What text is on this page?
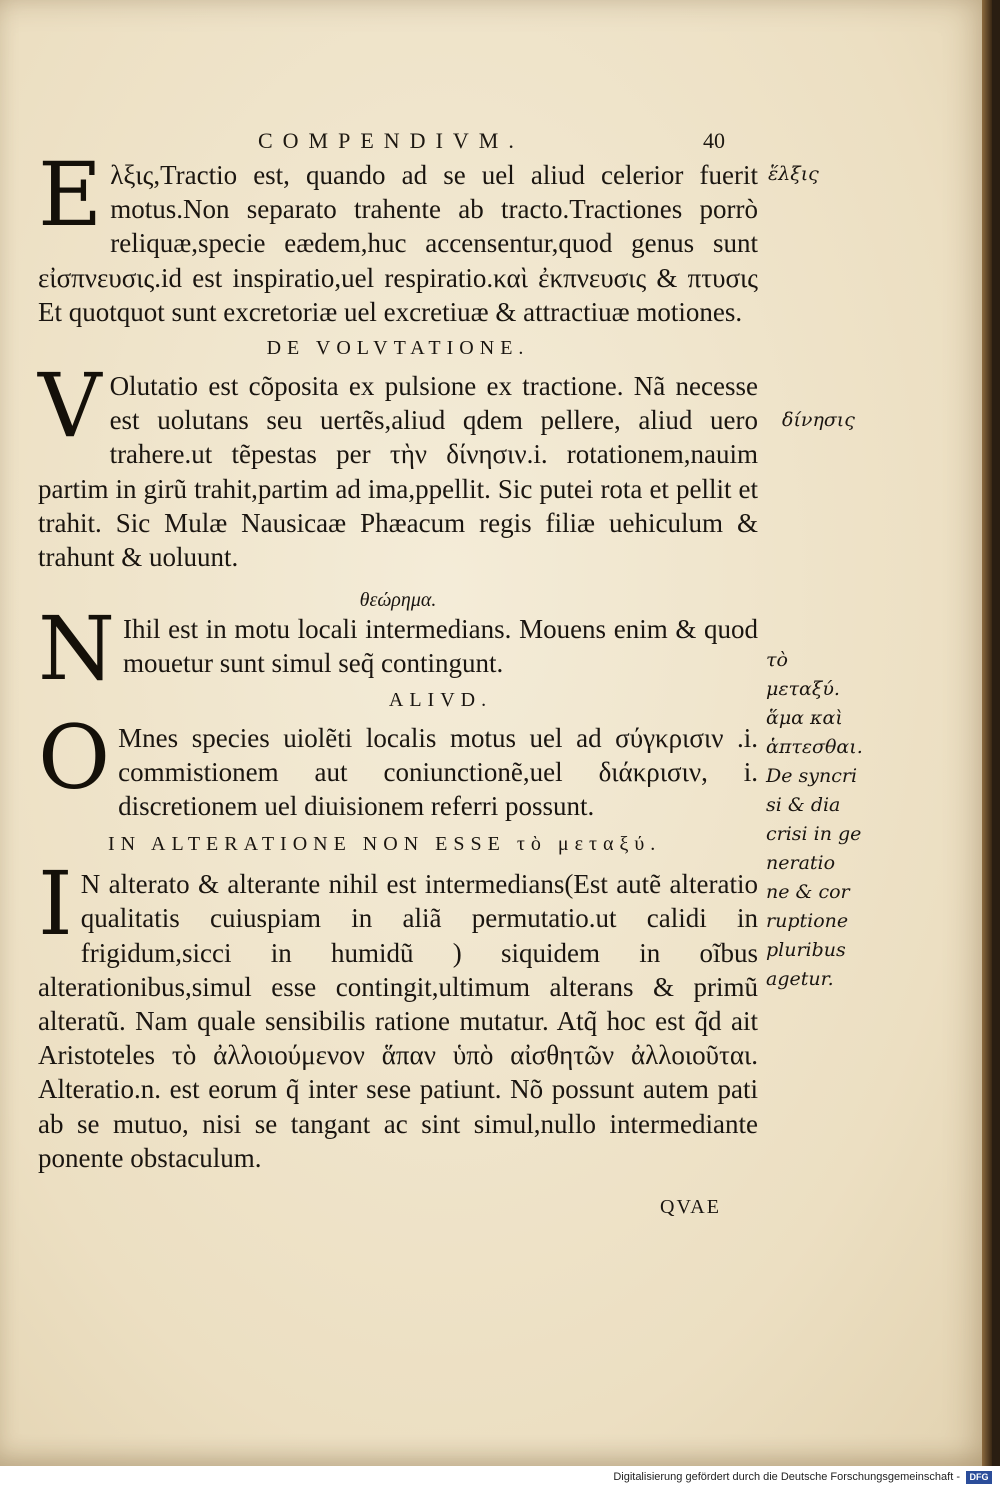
COMPENDIVM.	40

Eλξις,Tractio est, quando ad se uel aliud celerior fuerit motus.Non separato trahente ab tracto.Tractiones porrò reliquæ,specie eædem,huc accensentur,quod genus sunt εἰσπνευσις.id est inspiratio,uel respiratio.καὶ ἐκπνευσις & πτυσις Et quotquot sunt excretoriæ uel excretiuæ & attractiuæ motiones.

DE VOLVTATIONE.

V Olutatio est cõposita ex pulsione ex tractione. Nã necesse est uolutans seu uertẽs,aliud qdem pellere, aliud uero trahere.ut tẽpestas per τὴν δίνησιν.i. rotationem,nauim partim in girũ trahit,partim ad ima,ppellit. Sic putei rota et pellit et trahit. Sic Mulæ Nausicaæ Phæacum regis filiæ uehiculum & trahunt & uoluunt.

θεώρημα.

N Ihil est in motu locali intermedians. Mouens enim & quod mouetur sunt simul seq̃ contingunt.

ALIVD.

O Mnes species uiolẽti localis motus uel ad σύγκρισιν .i. commistionem aut coniunctionẽ,uel διάκρισιν, i. discretionem uel diuisionem referri possunt.

IN ALTERATIONE NON ESSE τὸ μεταξύ.

I N alterato & alterante nihil est intermedians(Est autẽ alteratio qualitatis cuiuspiam in aliã permutatio.ut calidi in frigidum,sicci in humidũ ) siquidem in oĩbus alterationibus,simul esse contingit,ultimum alterans & primũ alteratũ. Nam quale sensibilis ratione mutatur. Atq̃ hoc est q̃d ait Aristoteles τὸ ἀλλοιούμενον ἅπαν ὑπὸ αἰσθητῶν ἀλλοιοῦται. Alteratio.n. est eorum q̃ inter sese patiunt. Nõ possunt autem pati ab se mutuo, nisi se tangant ac sint simul,nullo intermediante ponente obstaculum.

QVAE
ἕλξις
δίνησις
τὸ μεταξύ.
ἅμα καὶ
ἁπτεσθαι.
De syncri
si & dia
crisi in ge
neratio
ne & cor
ruptione
pluribus
agetur.
Digitalisierung gefördert durch die Deutsche Forschungsgemeinschaft -	DFG
